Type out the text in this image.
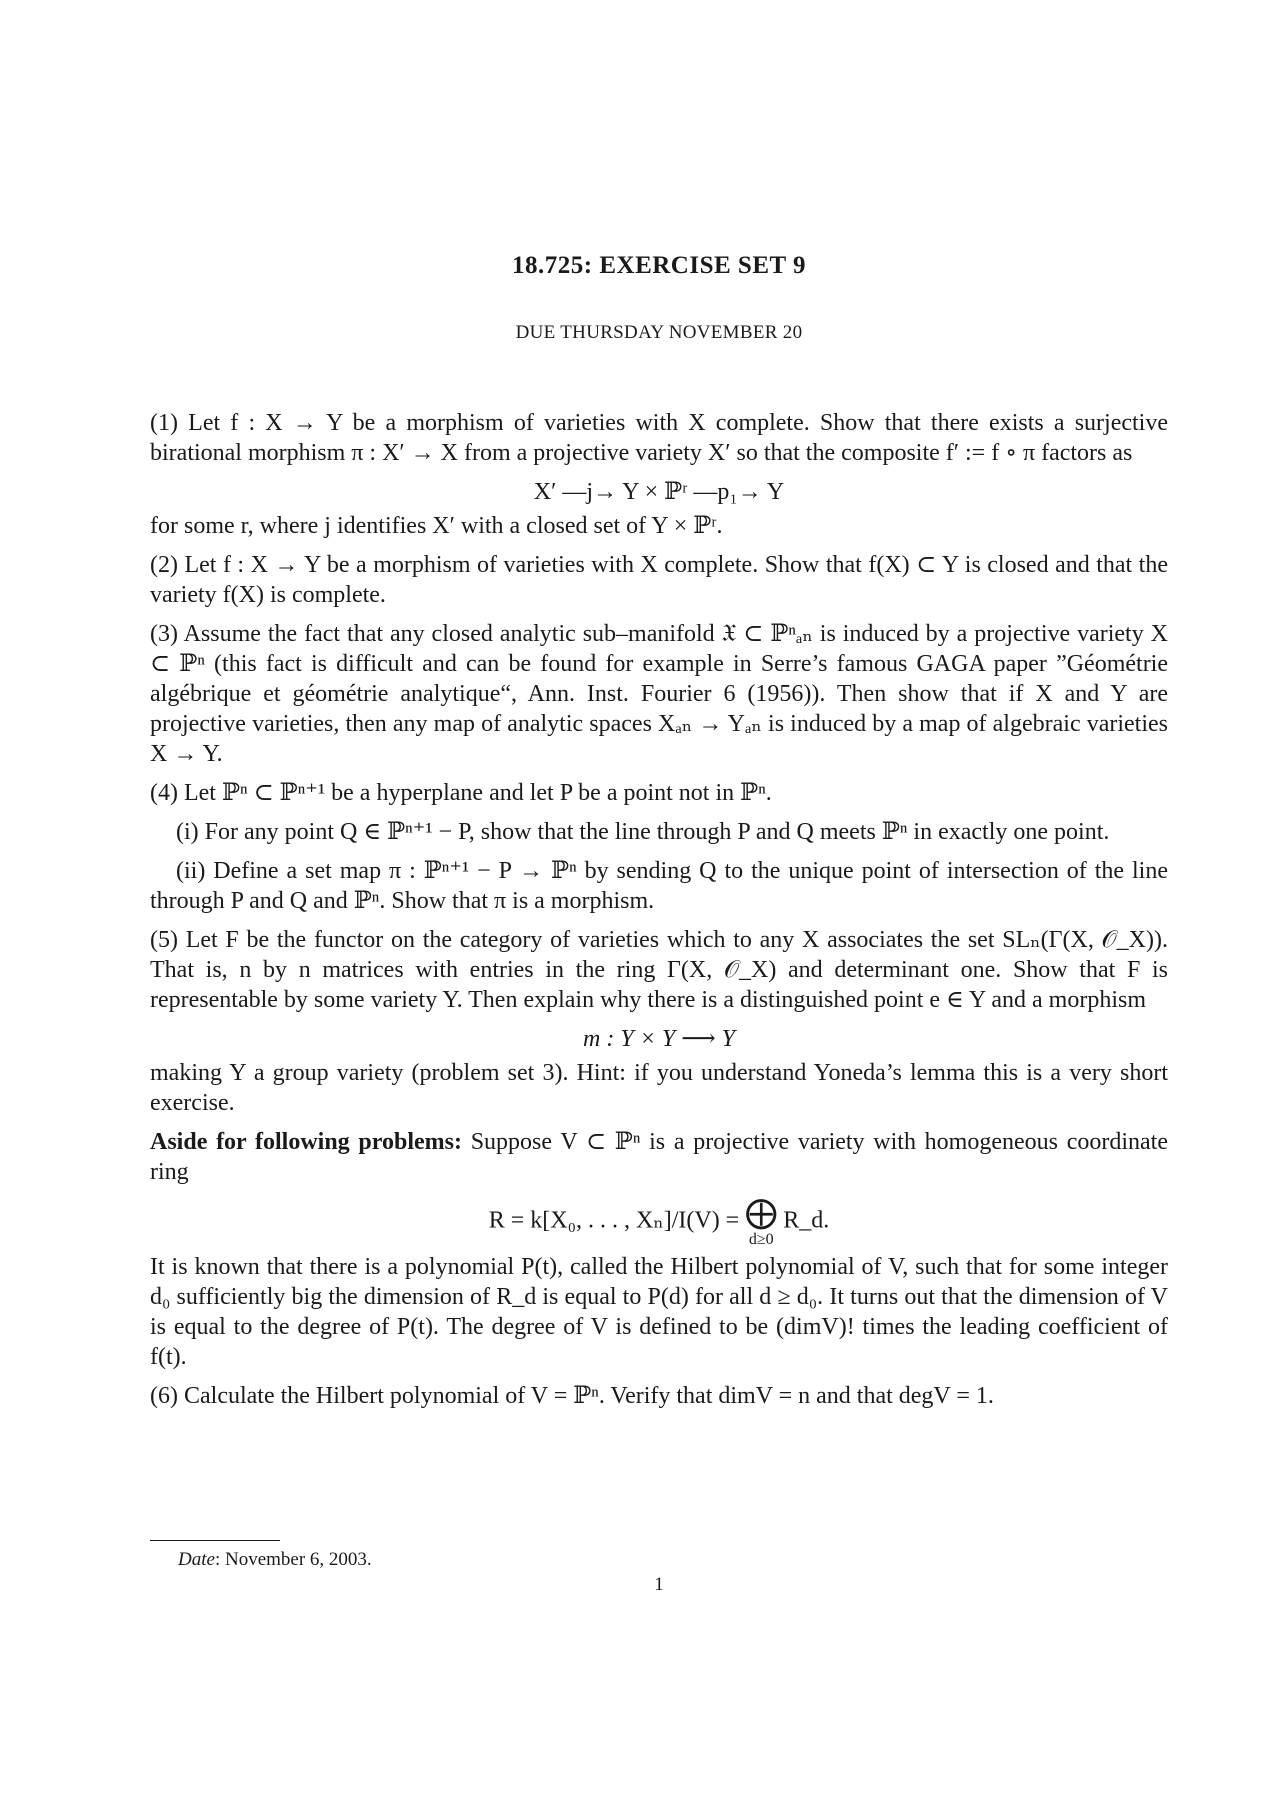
18.725: EXERCISE SET 9
DUE THURSDAY NOVEMBER 20

(1) Let f : X → Y be a morphism of varieties with X complete. Show that there exists a surjective birational morphism π : X′ → X from a projective variety X′ so that the composite f′ := f ∘ π factors as

X′ —j→ Y × ℙʳ —p₁→ Y

for some r, where j identifies X′ with a closed set of Y × ℙʳ.

(2) Let f : X → Y be a morphism of varieties with X complete. Show that f(X) ⊂ Y is closed and that the variety f(X) is complete.

(3) Assume the fact that any closed analytic sub–manifold 𝔛 ⊂ ℙⁿₐₙ is induced by a projective variety X ⊂ ℙⁿ (this fact is difficult and can be found for example in Serre’s famous GAGA paper ”Géométrie algébrique et géométrie analytique“, Ann. Inst. Fourier 6 (1956)). Then show that if X and Y are projective varieties, then any map of analytic spaces Xₐₙ → Yₐₙ is induced by a map of algebraic varieties X → Y.

(4) Let ℙⁿ ⊂ ℙⁿ⁺¹ be a hyperplane and let P be a point not in ℙⁿ.

(i) For any point Q ∈ ℙⁿ⁺¹ − P, show that the line through P and Q meets ℙⁿ in exactly one point.

(ii) Define a set map π : ℙⁿ⁺¹ − P → ℙⁿ by sending Q to the unique point of intersection of the line through P and Q and ℙⁿ. Show that π is a morphism.

(5) Let F be the functor on the category of varieties which to any X associates the set SLₙ(Γ(X, 𝒪_X)). That is, n by n matrices with entries in the ring Γ(X, 𝒪_X) and determinant one. Show that F is representable by some variety Y. Then explain why there is a distinguished point e ∈ Y and a morphism

m : Y × Y ⟶ Y

making Y a group variety (problem set 3). Hint: if you understand Yoneda’s lemma this is a very short exercise.

Aside for following problems: Suppose V ⊂ ℙⁿ is a projective variety with homogeneous coordinate ring

R = k[X₀, . . . , Xₙ]/I(V) = ⨁
d≥0
R_d.

It is known that there is a polynomial P(t), called the Hilbert polynomial of V, such that for some integer d₀ sufficiently big the dimension of R_d is equal to P(d) for all d ≥ d₀. It turns out that the dimension of V is equal to the degree of P(t). The degree of V is defined to be (dimV)! times the leading coefficient of f(t).

(6) Calculate the Hilbert polynomial of V = ℙⁿ. Verify that dimV = n and that degV = 1.

Date: November 6, 2003.
1
